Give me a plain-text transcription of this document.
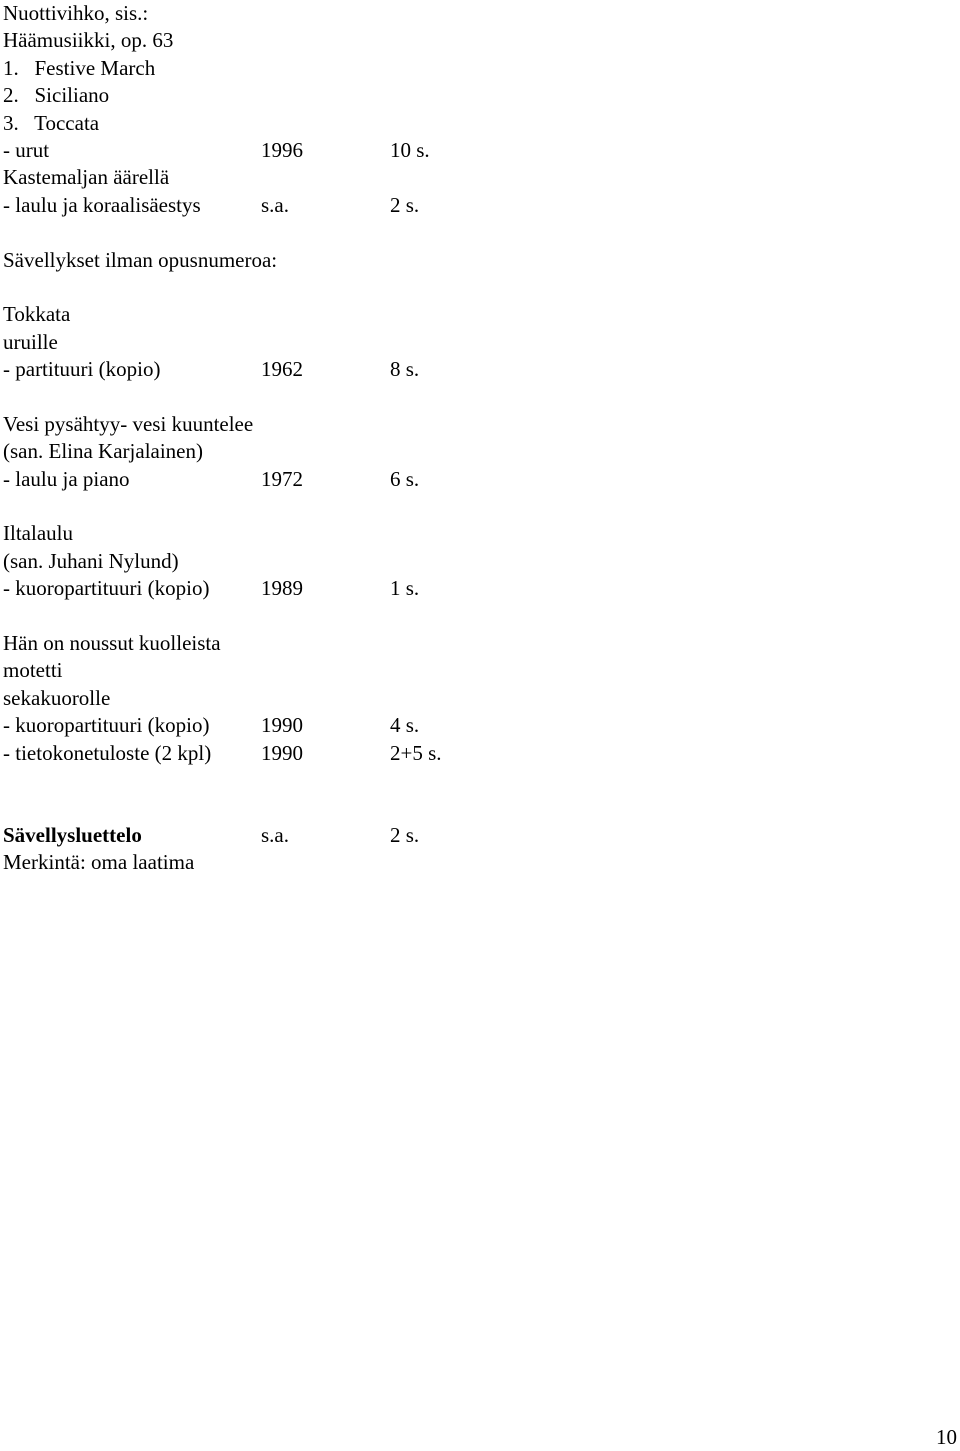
Nuottivihko, sis.:
Häämusiikki, op. 63
1.   Festive March
2.   Siciliano
3.   Toccata
- urut	1996	10 s.
Kastemaljan äärellä
- laulu ja koraalisäestys	s.a.	2 s.
Sävellykset ilman opusnumeroa:
Tokkata
uruille
- partituuri (kopio)	1962	8 s.
Vesi pysähtyy- vesi kuuntelee
(san. Elina Karjalainen)
- laulu ja piano	1972	6 s.
Iltalaulu
(san. Juhani Nylund)
- kuoropartituuri (kopio) 1989	1 s.
Hän on noussut kuolleista
motetti
sekakuorolle
- kuoropartituuri (kopio) 1990	4 s.
- tietokonetuloste (2 kpl) 1990	2+5 s.
Sävellysluettelo	s.a.	2 s.
Merkintä: oma laatima
10
